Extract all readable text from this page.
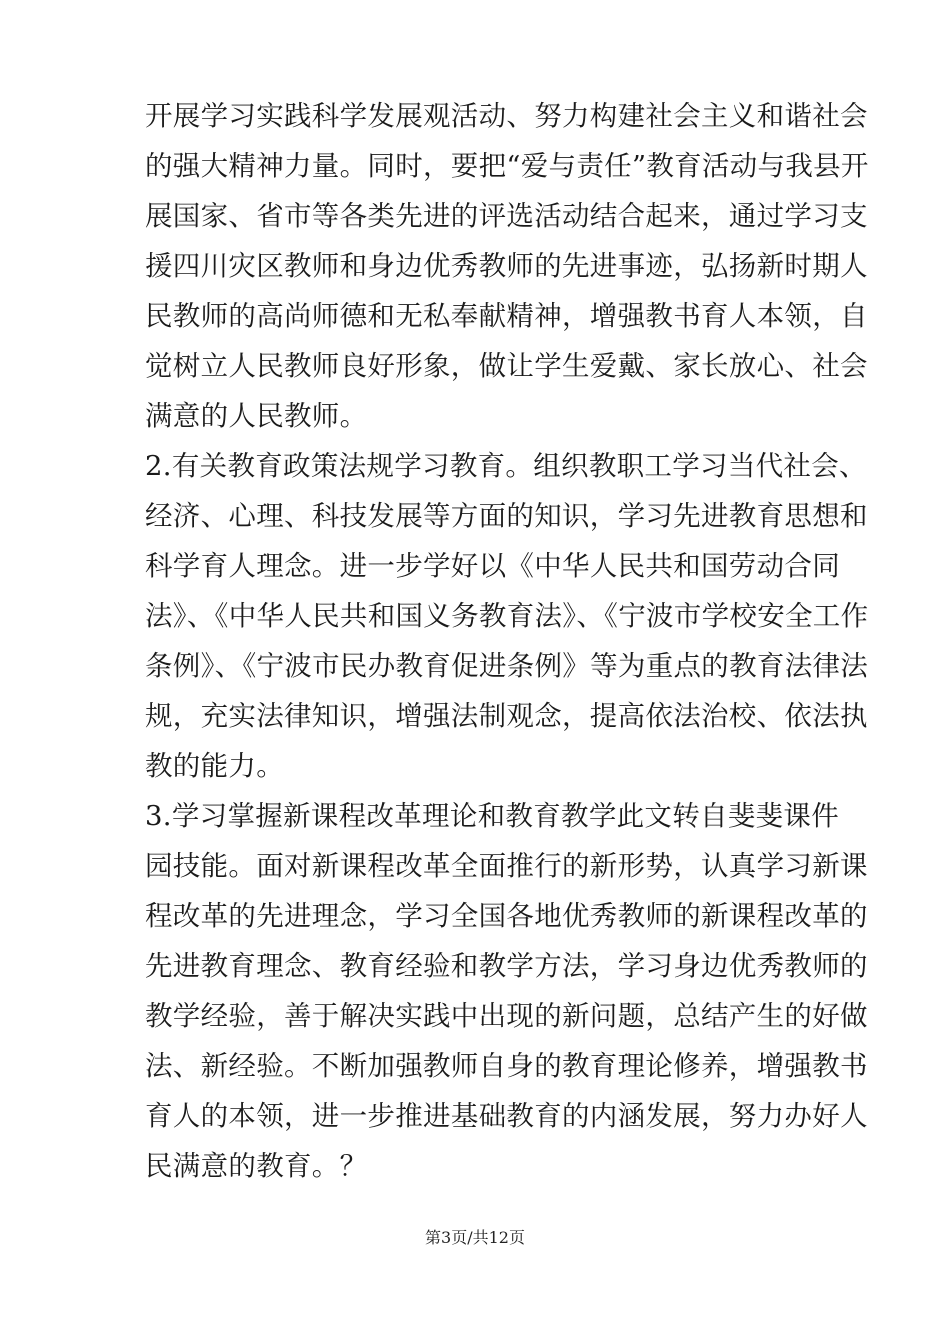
开展学习实践科学发展观活动、努力构建社会主义和谐社会
的强大精神力量。同时，要把“爱与责任”教育活动与我县开
展国家、省市等各类先进的评选活动结合起来，通过学习支
援四川灾区教师和身边优秀教师的先进事迹，弘扬新时期人
民教师的高尚师德和无私奉献精神，增强教书育人本领，自
觉树立人民教师良好形象，做让学生爱戴、家长放心、社会
满意的人民教师。
2.有关教育政策法规学习教育。组织教职工学习当代社会、
经济、心理、科技发展等方面的知识，学习先进教育思想和
科学育人理念。进一步学好以《中华人民共和国劳动合同
法》、《中华人民共和国义务教育法》、《宁波市学校安全工作
条例》、《宁波市民办教育促进条例》等为重点的教育法律法
规，充实法律知识，增强法制观念，提高依法治校、依法执
教的能力。
3.学习掌握新课程改革理论和教育教学此文转自斐斐课件
园技能。面对新课程改革全面推行的新形势，认真学习新课
程改革的先进理念，学习全国各地优秀教师的新课程改革的
先进教育理念、教育经验和教学方法，学习身边优秀教师的
教学经验，善于解决实践中出现的新问题，总结产生的好做
法、新经验。不断加强教师自身的教育理论修养，增强教书
育人的本领，进一步推进基础教育的内涵发展，努力办好人
民满意的教育。？
第3页/共12页
